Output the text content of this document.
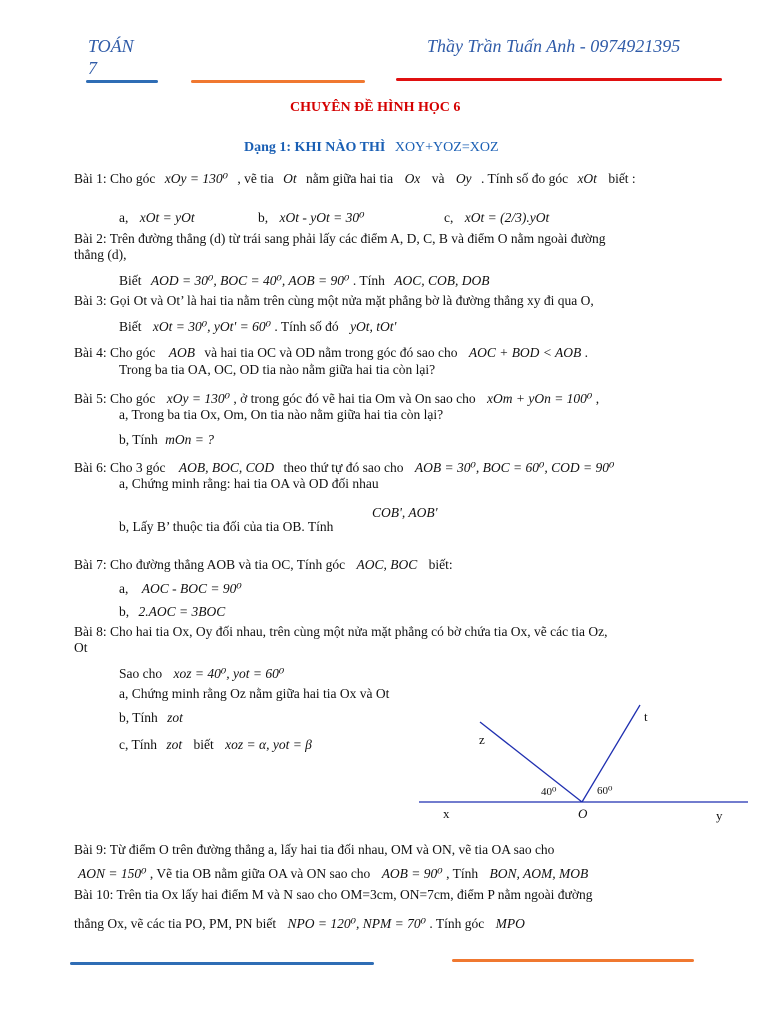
TOÁN
7
Thầy Trần Tuấn Anh - 0974921395
CHUYÊN ĐỀ HÌNH HỌC 6
Dạng 1: KHI NÀO THÌ XOY+YOZ=XOZ
Bài 1: Cho góc xOy = 130⁰ , vẽ tia Ot nằm giữa hai tia Ox và Oy . Tính số đo góc xOt biết :
a, xOt = yOt	b, xOt - yOt = 30⁰	c, xOt = (2/3).yOt
Bài 2: Trên đường thẳng (d) từ trái sang phải lấy các điểm A, D, C, B và điểm O nằm ngoài đường
thẳng (d),
Biết AOD = 30⁰, BOC = 40⁰, AOB = 90⁰ . Tính AOC, COB, DOB
Bài 3: Gọi Ot và Ot’ là hai tia nằm trên cùng một nửa mặt phẳng bờ là đường thẳng xy đi qua O,
Biết xOt = 30⁰, yOt' = 60⁰ . Tính số đó yOt, tOt'
Bài 4: Cho góc AOB và hai tia OC và OD nằm trong góc đó sao cho AOC + BOD < AOB .
Trong ba tia OA, OC, OD tia nào nằm giữa hai tia còn lại?
Bài 5: Cho góc xOy = 130⁰ , ở trong góc đó vẽ hai tia Om và On sao cho xOm + yOn = 100⁰ ,
a, Trong ba tia Ox, Om, On tia nào nằm giữa hai tia còn lại?
b, Tính mOn = ?
Bài 6: Cho 3 góc AOB, BOC, COD theo thứ tự đó sao cho AOB = 30⁰, BOC = 60⁰, COD = 90⁰
a, Chứng minh rằng: hai tia OA và OD đối nhau
COB', AOB'
b, Lấy B’ thuộc tia đối của tia OB. Tính
Bài 7: Cho đường thẳng AOB và tia OC, Tính góc AOC, BOC biết:
a, AOC - BOC = 90⁰
b, 2.AOC = 3BOC
Bài 8: Cho hai tia Ox, Oy đối nhau, trên cùng một nửa mặt phẳng có bờ chứa tia Ox, vẽ các tia Oz,
Ot
Sao cho xoz = 40⁰, yot = 60⁰
a, Chứng minh rằng Oz nằm giữa hai tia Ox và Ot
b, Tính zot
c, Tính zot biết xoz = α, yot = β
x	y
z
t
O
40⁰	60⁰
Bài 9: Từ điểm O trên đường thẳng a, lấy hai tia đối nhau, OM và ON, vẽ tia OA sao cho
AON = 150⁰ , Vẽ tia OB nằm giữa OA và ON sao cho AOB = 90⁰ , Tính BON, AOM, MOB
Bài 10: Trên tia Ox lấy hai điểm M và N sao cho OM=3cm, ON=7cm, điểm P nằm ngoài đường
thẳng Ox, vẽ các tia PO, PM, PN biết NPO = 120⁰, NPM = 70⁰ . Tính góc MPO
